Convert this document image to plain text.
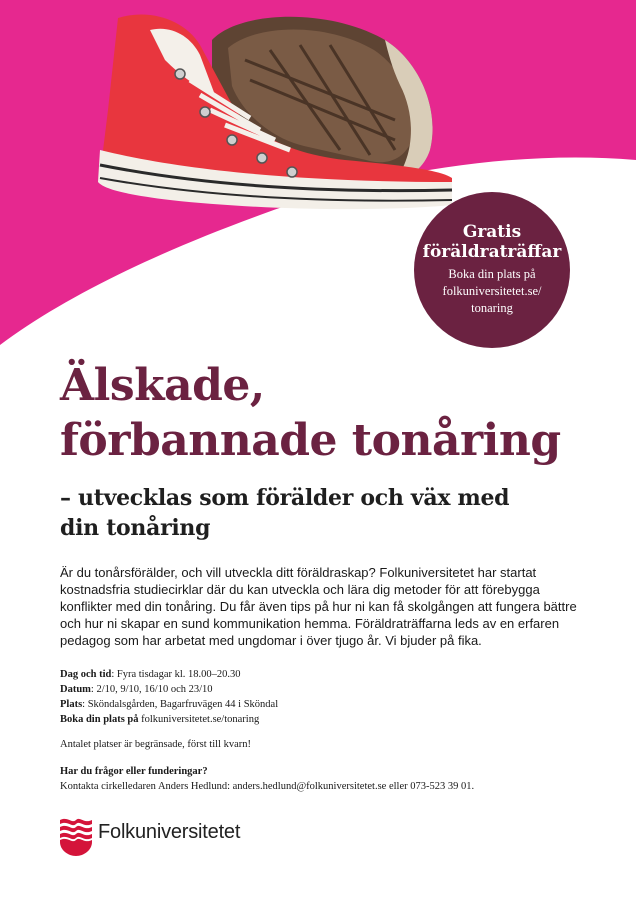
Gratis
föräldraträffar
Boka din plats på
folkuniversitetet.se/
tonaring
Älskade,
förbannade tonåring
– utvecklas som förälder och väx med
din tonåring

Är du tonårsförälder, och vill utveckla ditt föräldraskap? Folkuniversitetet har startat kostnadsfria studiecirklar där du kan utveckla och lära dig metoder för att förebygga konflikter med din tonåring. Du får även tips på hur ni kan få skolgången att fungera bättre och hur ni skapar en sund kommunikation hemma. Föräldraträffarna leds av en erfaren pedagog som har arbetat med ungdomar i över tjugo år. Vi bjuder på fika.

Dag och tid: Fyra tisdagar kl. 18.00–20.30
Datum: 2/10, 9/10, 16/10 och 23/10
Plats: Sköndalsgården, Bagarfruvägen 44 i Sköndal
Boka din plats på folkuniversitetet.se/tonaring
Antalet platser är begränsade, först till kvarn!
Har du frågor eller funderingar?
Kontakta cirkelledaren Anders Hedlund: anders.hedlund@folkuniversitetet.se eller 073-523 39 01.
Folkuniversitetet
